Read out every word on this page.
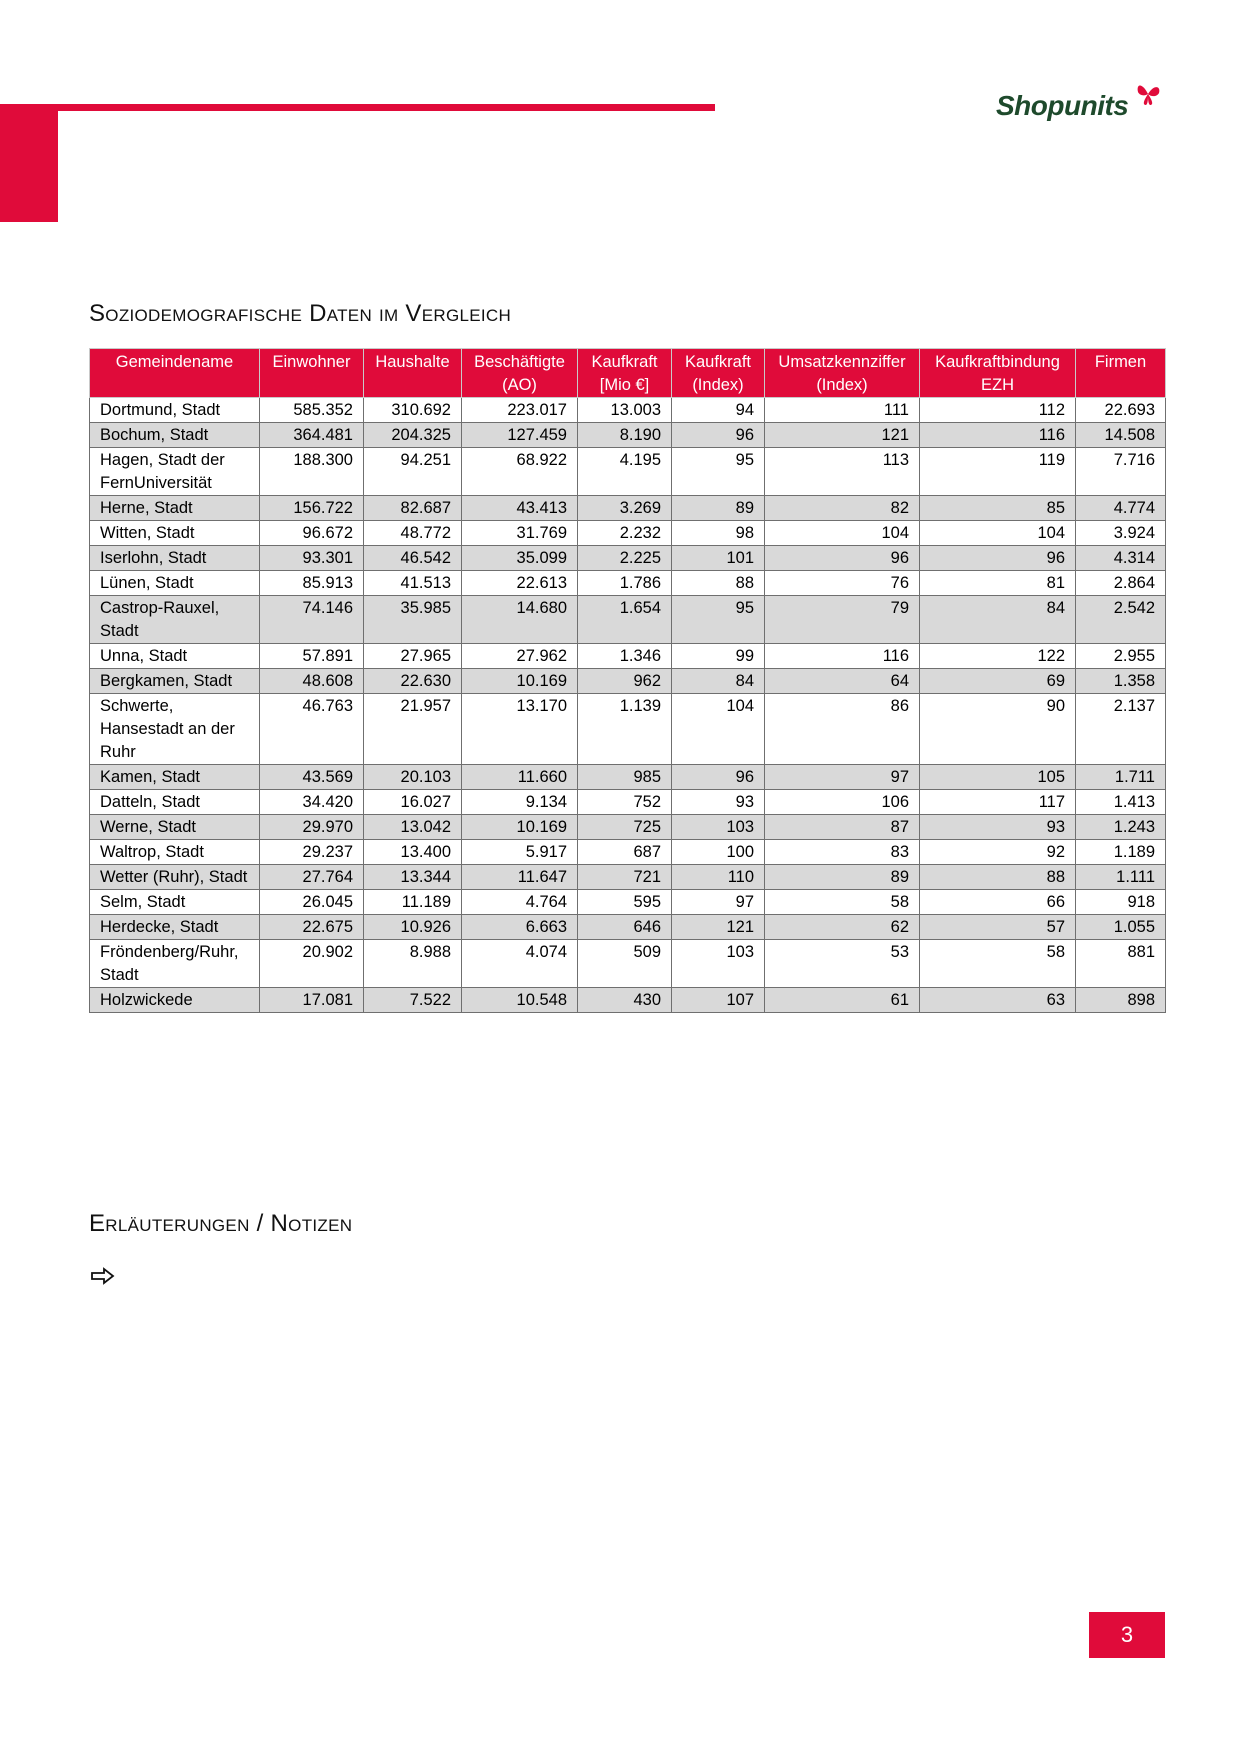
Shopunits
Soziodemografische Daten im Vergleich
Gemeindename	Einwohner	Haushalte	Beschäftigte (AO)	Kaufkraft [Mio €]	Kaufkraft (Index)	Umsatzkennziffer (Index)	Kaufkraftbindung EZH	Firmen
Dortmund, Stadt	585.352	310.692	223.017	13.003	94	111	112	22.693
Bochum, Stadt	364.481	204.325	127.459	8.190	96	121	116	14.508
Hagen, Stadt der FernUniversität	188.300	94.251	68.922	4.195	95	113	119	7.716
Herne, Stadt	156.722	82.687	43.413	3.269	89	82	85	4.774
Witten, Stadt	96.672	48.772	31.769	2.232	98	104	104	3.924
Iserlohn, Stadt	93.301	46.542	35.099	2.225	101	96	96	4.314
Lünen, Stadt	85.913	41.513	22.613	1.786	88	76	81	2.864
Castrop-Rauxel, Stadt	74.146	35.985	14.680	1.654	95	79	84	2.542
Unna, Stadt	57.891	27.965	27.962	1.346	99	116	122	2.955
Bergkamen, Stadt	48.608	22.630	10.169	962	84	64	69	1.358
Schwerte, Hansestadt an der Ruhr	46.763	21.957	13.170	1.139	104	86	90	2.137
Kamen, Stadt	43.569	20.103	11.660	985	96	97	105	1.711
Datteln, Stadt	34.420	16.027	9.134	752	93	106	117	1.413
Werne, Stadt	29.970	13.042	10.169	725	103	87	93	1.243
Waltrop, Stadt	29.237	13.400	5.917	687	100	83	92	1.189
Wetter (Ruhr), Stadt	27.764	13.344	11.647	721	110	89	88	1.111
Selm, Stadt	26.045	11.189	4.764	595	97	58	66	918
Herdecke, Stadt	22.675	10.926	6.663	646	121	62	57	1.055
Fröndenberg/Ruhr, Stadt	20.902	8.988	4.074	509	103	53	58	881
Holzwickede	17.081	7.522	10.548	430	107	61	63	898
Erläuterungen / Notizen
3
